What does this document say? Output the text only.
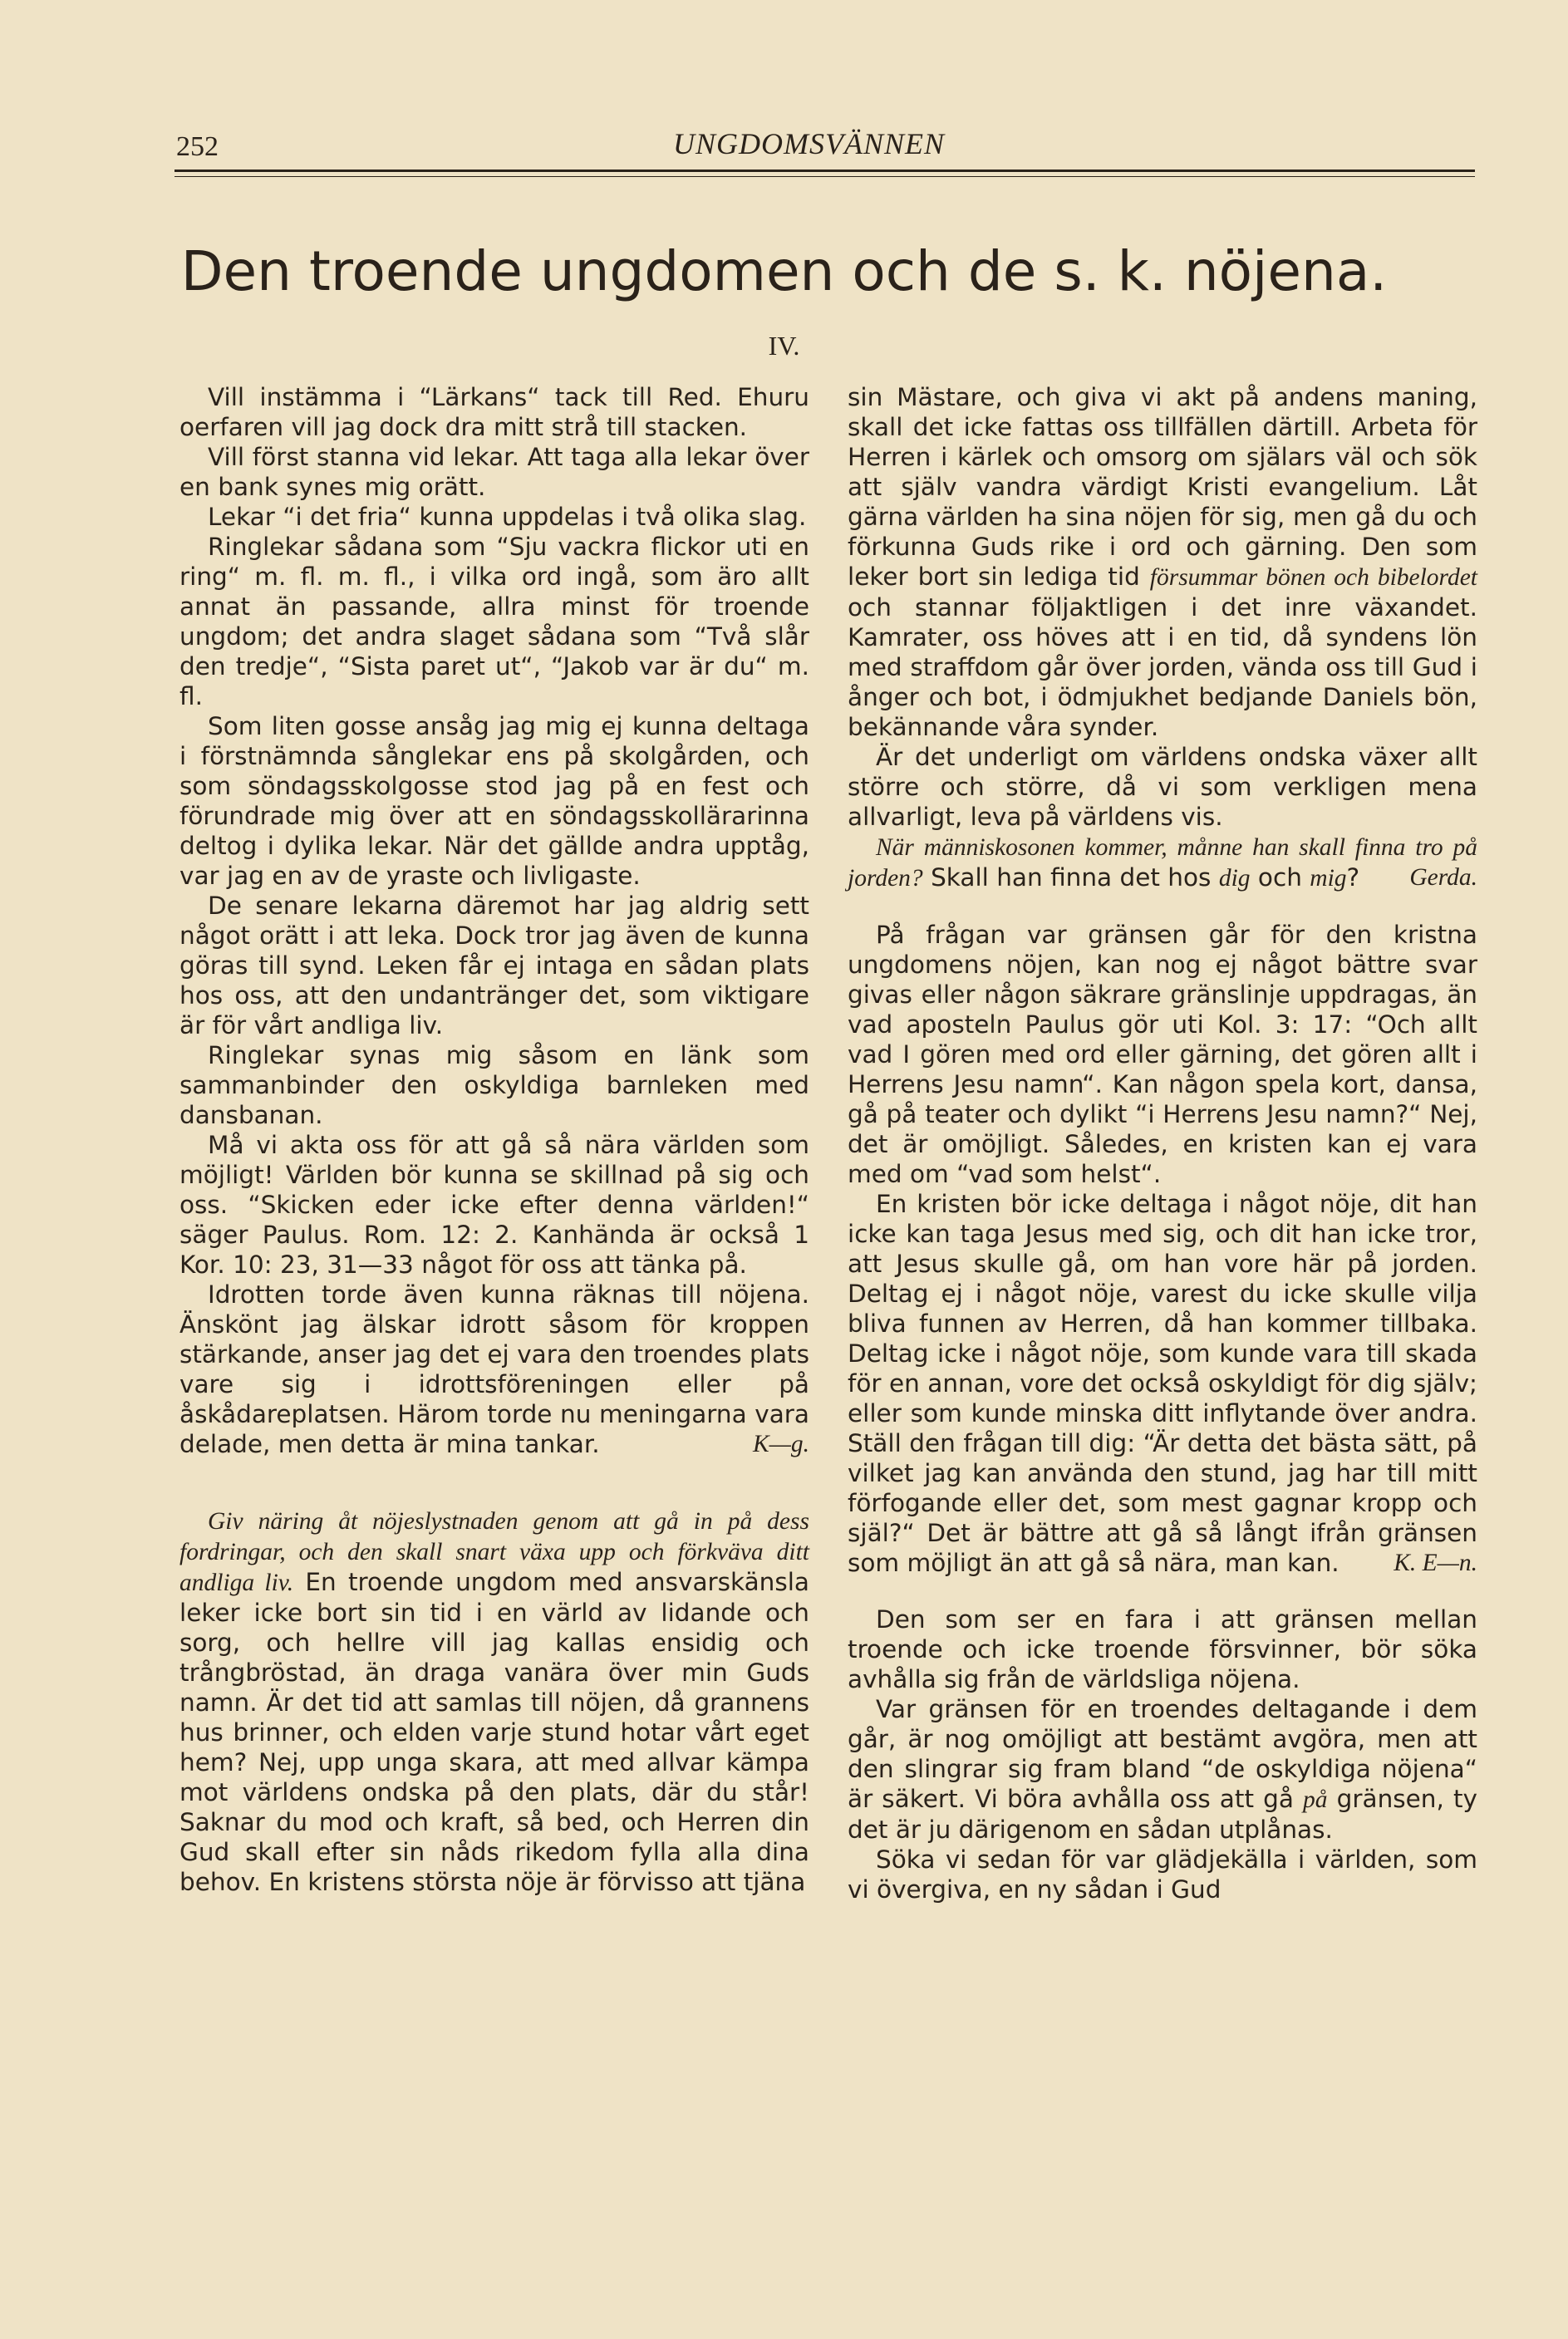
252	UNGDOMSVÄNNEN
Den troende ungdomen och de s. k. nöjena.
IV.

Vill instämma i “Lärkans“ tack till Red. Ehuru oerfaren vill jag dock dra mitt strå till stacken.

Vill först stanna vid lekar. Att taga alla lekar över en bank synes mig orätt.

Lekar “i det fria“ kunna uppdelas i två olika slag.

Ringlekar sådana som “Sju vackra flickor uti en ring“ m. fl. m. fl., i vilka ord ingå, som äro allt annat än passande, allra minst för troende ungdom; det andra slaget sådana som “Två slår den tredje“, “Sista paret ut“, “Jakob var är du“ m. fl.

Som liten gosse ansåg jag mig ej kunna deltaga i förstnämnda sånglekar ens på skolgården, och som söndagsskolgosse stod jag på en fest och förundrade mig över att en söndagsskollärarinna deltog i dylika lekar. När det gällde andra upptåg, var jag en av de yraste och livligaste.

De senare lekarna däremot har jag aldrig sett något orätt i att leka. Dock tror jag även de kunna göras till synd. Leken får ej intaga en sådan plats hos oss, att den undantränger det, som viktigare är för vårt andliga liv.

Ringlekar synas mig såsom en länk som sammanbinder den oskyldiga barnleken med dansbanan.

Må vi akta oss för att gå så nära världen som möjligt! Världen bör kunna se skillnad på sig och oss. “Skicken eder icke efter denna världen!“ säger Paulus. Rom. 12: 2. Kanhända är också 1 Kor. 10: 23, 31—33 något för oss att tänka på.

Idrotten torde även kunna räknas till nöjena. Änskönt jag älskar idrott såsom för kroppen stärkande, anser jag det ej vara den troendes plats vare sig i idrottsföreningen eller på åskådareplatsen. Härom torde nu meningarna vara delade, men detta är mina tankar.	K—g.

Giv näring åt nöjeslystnaden genom att gå in på dess fordringar, och den skall snart växa upp och förkväva ditt andliga liv. En troende ungdom med ansvarskänsla leker icke bort sin tid i en värld av lidande och sorg, och hellre vill jag kallas ensidig och trångbröstad, än draga vanära över min Guds namn. Är det tid att samlas till nöjen, då grannens hus brinner, och elden varje stund hotar vårt eget hem? Nej, upp unga skara, att med allvar kämpa mot världens ondska på den plats, där du står! Saknar du mod och kraft, så bed, och Herren din Gud skall efter sin nåds rikedom fylla alla dina behov. En kristens största nöje är förvisso att tjäna

sin Mästare, och giva vi akt på andens maning, skall det icke fattas oss tillfällen därtill. Arbeta för Herren i kärlek och omsorg om själars väl och sök att själv vandra värdigt Kristi evangelium. Låt gärna världen ha sina nöjen för sig, men gå du och förkunna Guds rike i ord och gärning. Den som leker bort sin lediga tid försummar bönen och bibelordet och stannar följaktligen i det inre växandet. Kamrater, oss höves att i en tid, då syndens lön med straffdom går över jorden, vända oss till Gud i ånger och bot, i ödmjukhet bedjande Daniels bön, bekännande våra synder.

Är det underligt om världens ondska växer allt större och större, då vi som verkligen mena allvarligt, leva på världens vis.

När människosonen kommer, månne han skall finna tro på jorden? Skall han finna det hos dig och mig?	Gerda.

På frågan var gränsen går för den kristna ungdomens nöjen, kan nog ej något bättre svar givas eller någon säkrare gränslinje uppdragas, än vad aposteln Paulus gör uti Kol. 3: 17: “Och allt vad I gören med ord eller gärning, det gören allt i Herrens Jesu namn“. Kan någon spela kort, dansa, gå på teater och dylikt “i Herrens Jesu namn?“ Nej, det är omöjligt. Således, en kristen kan ej vara med om “vad som helst“.

En kristen bör icke deltaga i något nöje, dit han icke kan taga Jesus med sig, och dit han icke tror, att Jesus skulle gå, om han vore här på jorden. Deltag ej i något nöje, varest du icke skulle vilja bliva funnen av Herren, då han kommer tillbaka. Deltag icke i något nöje, som kunde vara till skada för en annan, vore det också oskyldigt för dig själv; eller som kunde minska ditt inflytande över andra. Ställ den frågan till dig: “Är detta det bästa sätt, på vilket jag kan använda den stund, jag har till mitt förfogande eller det, som mest gagnar kropp och själ?“ Det är bättre att gå så långt ifrån gränsen som möjligt än att gå så nära, man kan.	K. E—n.

Den som ser en fara i att gränsen mellan troende och icke troende försvinner, bör söka avhålla sig från de världsliga nöjena.

Var gränsen för en troendes deltagande i dem går, är nog omöjligt att bestämt avgöra, men att den slingrar sig fram bland “de oskyldiga nöjena“ är säkert. Vi böra avhålla oss att gå på gränsen, ty det är ju därigenom en sådan utplånas.

Söka vi sedan för var glädjekälla i världen, som vi övergiva, en ny sådan i Gud
